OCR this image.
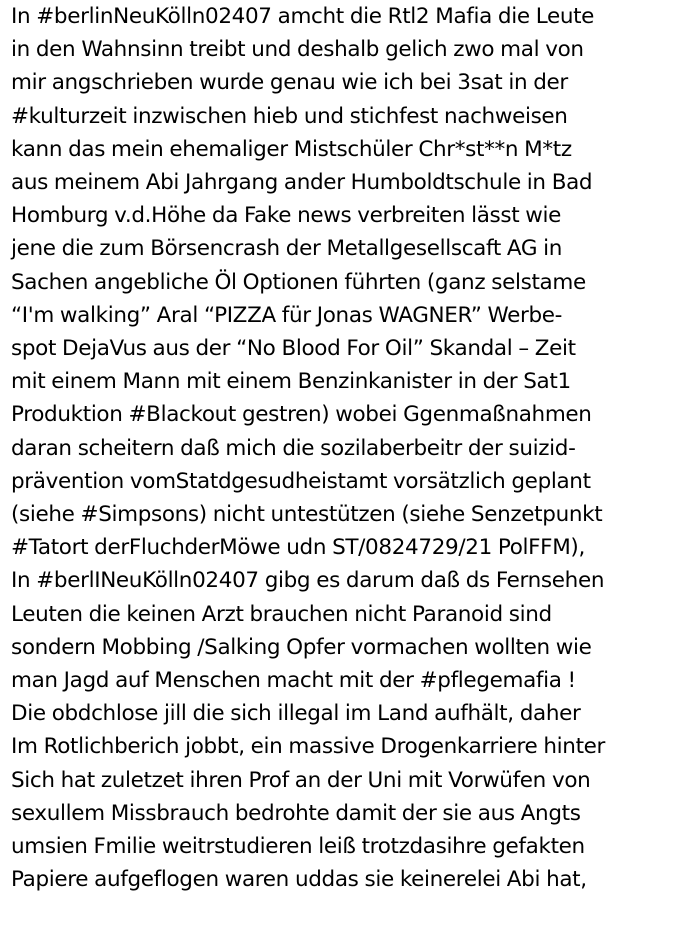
In #berlinNeuKölln02407 amcht die Rtl2 Mafia die Leute
in den Wahnsinn treibt und deshalb gelich zwo mal von
mir angschrieben wurde genau wie ich bei 3sat in der
#kulturzeit inzwischen hieb und stichfest nachweisen
kann das mein ehemaliger Mistschüler Chr*st**n M*tz
aus meinem Abi Jahrgang ander Humboldtschule in Bad
Homburg v.d.Höhe da Fake news verbreiten lässt wie
jene die zum Börsencrash der Metallgesellscaft AG in
Sachen angebliche Öl Optionen führten (ganz selstame
“I'm walking” Aral “PIZZA für Jonas WAGNER” Werbe-
spot DejaVus aus der “No Blood For Oil” Skandal – Zeit
mit einem Mann mit einem Benzinkanister in der Sat1
Produktion #Blackout gestren) wobei Ggenmaßnahmen
daran scheitern daß mich die sozilaberbeitr der suizid-
prävention vomStatdgesudheistamt vorsätzlich geplant
(siehe #Simpsons) nicht untestützen (siehe Senzetpunkt
#Tatort derFluchderMöwe udn ST/0824729/21 PolFFM),
In #berlINeuKölln02407 gibg es darum daß ds Fernsehen
Leuten die keinen Arzt brauchen nicht Paranoid sind
sondern Mobbing /Salking Opfer vormachen wollten wie
man Jagd auf Menschen macht mit der #pflegemafia !
Die obdchlose jill die sich illegal im Land aufhält, daher
Im Rotlichberich jobbt, ein massive Drogenkarriere hinter
Sich hat zuletzet ihren Prof an der Uni mit Vorwüfen von
sexullem Missbrauch bedrohte damit der sie aus Angts
umsien Fmilie weitrstudieren leiß trotzdasihre gefakten
Papiere aufgeflogen waren uddas sie keinerelei Abi hat,
